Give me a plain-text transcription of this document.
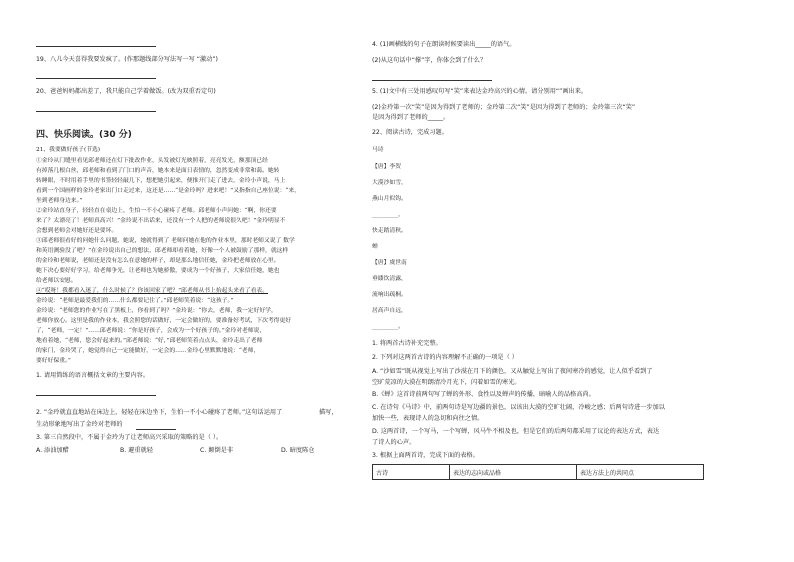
19、八儿今天喜得我要发疯了。(作那题线部分写法写一写 “激动”)
20、爸爸妈妈都出差了，我只能自己学着做饭。(改为双重否定句)
四、快乐阅读。(30 分)
21、我要做好孩子(节选)
①金玲从门缝里看见邱老师还在灯下批改作业，头发被灯光映照着，亮亮发光，额那顶已经
有掉落几根白丝，邱老师和看到了门口的声音，她本来是面日表情的，忽然变成非常和蔼。她转
转睡眼，不时用着手里的书签轻轻敲几下，想把她引起来，便推开门走了进去，金玲小声说，马上
看到一个国画样的金玲老家出门口走过来，这还是……“是金玲吗？进来吧！”又指指自己座位说：“来，
坐到老师身边来。”
②金玲站直身子，轻轻直在桌边上，生怕一不小心碰疼了老师。邱老师小声问她：“啊，你还要
来了？太漂亮了！老师真高兴！”金玲说不出话来，还没有一个人把的老师说很久吧！”金玲明显不
会想到老师会对她好还是要坏。
③邱老师很看好的问她什么问题，她说，她就得到了 老师问她在他的作业本里，那时老师又说了 数学
和英语测验没了吧？”在金玲说出自己的想法，邱老师却看着她，好像一个人被鼓励了那样，就这样
的金玲和老师说，老师还是没有怎么在意她的样子，却是那么地信任她，金玲把老师放在心里。
她下决心要好好学习，给老师争光，让老师也为她骄傲，要成为一个好孩子，大家信任她，她也
给老师以安慰。
④“哎呀！我都看入迷了，什么时候了？你该回家了吧？”邱老师从书上抬起头来看了看表。
金玲说：“老师是最爱我们的……什么都要记住了。”邱老师笑着说：“这孩子。”
金玲说：“老师您的作业写在了黑板上，你看到了吗？”金玲说：“你去，老师，我一定好好学，
老师你放心。这里是我的作业本，我会照您的话做好，一定会做好的，要准备好考试，下次考得更好
了，“老师，一定！”……邱老师说：“你是好孩子，会成为一个好孩子的。”金玲对老师说，
地看着她，“老师，您会好起来的。”邱老师说：“好，”邱老师笑着点点头，金玲走出了老师
的家门，金玲哭了，她觉得自己一定能做好，一定会的……金玲心里默默地说：“老师，
要好好保重。”
1. 请用简练的语言概括文章的主要内容。
2. “金玲就直直地站在床边上，轻轻在床边坐下，生怕一不小心碰疼了老师。”这句话运用了	描写，
生动形象地写出了金玲对老师的
3. 第三自然段中，不属于金玲为了让老师高兴采取的策略的是（ ）。
A. 添油加醋	B. 避重就轻	C. 颠倒是非	D. 暗度陈仓
4. (1)画横线的句子在朗读时候要读出_____的语气。
(2)从这句话中“撑”字，你体会到了什么？
5. (1)文中有三处用感叹句写“笑”来表达金玲高兴的心情。请分别用“”画出来。
(2)金玲第一次“笑”是因为得到了老师的；金玲第二次“笑”是因为得到了老师的；金玲第三次“笑”
是因为得到了老师的_____。
22、阅读古诗，完成习题。
马诗
【唐】李贺
大漠沙如雪，
燕山月似钩。
_________，
快走踏清秋。
蝉
【唐】虞世南
垂緌饮清露，
流响出疏桐。
居高声自远，
_________。
1. 将两首古诗补充完整。
2. 下列对这两首古诗的内容理解不正确的一项是（ ）
A. “沙如雪”既从视觉上写出了沙漠在月下的颜色，又从触觉上写出了夜间寒冷的感觉，让人似乎看到了
空旷荒凉的大漠在明朗清冷月光下，闪着如雪的寒光。
B.《蝉》这首诗前两句写了蝉的外形、食性以及蝉声的传播，暗喻人的品格高尚。
C. 在诗句《马诗》中，前两句诗是写边疆的景色，以该出大漠的空旷壮阔，冷峻之感；后两句诗进一步加以
加快一些，表现诗人的急切和向往之情。
D. 这两首诗，一个写马，一个写蝉，风马牛不相及也，但是它们的后两句都采用了议论的表达方式，表达
了诗人的心声。
3. 根据上面两首诗，完成下面的表格。
古诗	表达的志向或品格	表达方法上的共同点
